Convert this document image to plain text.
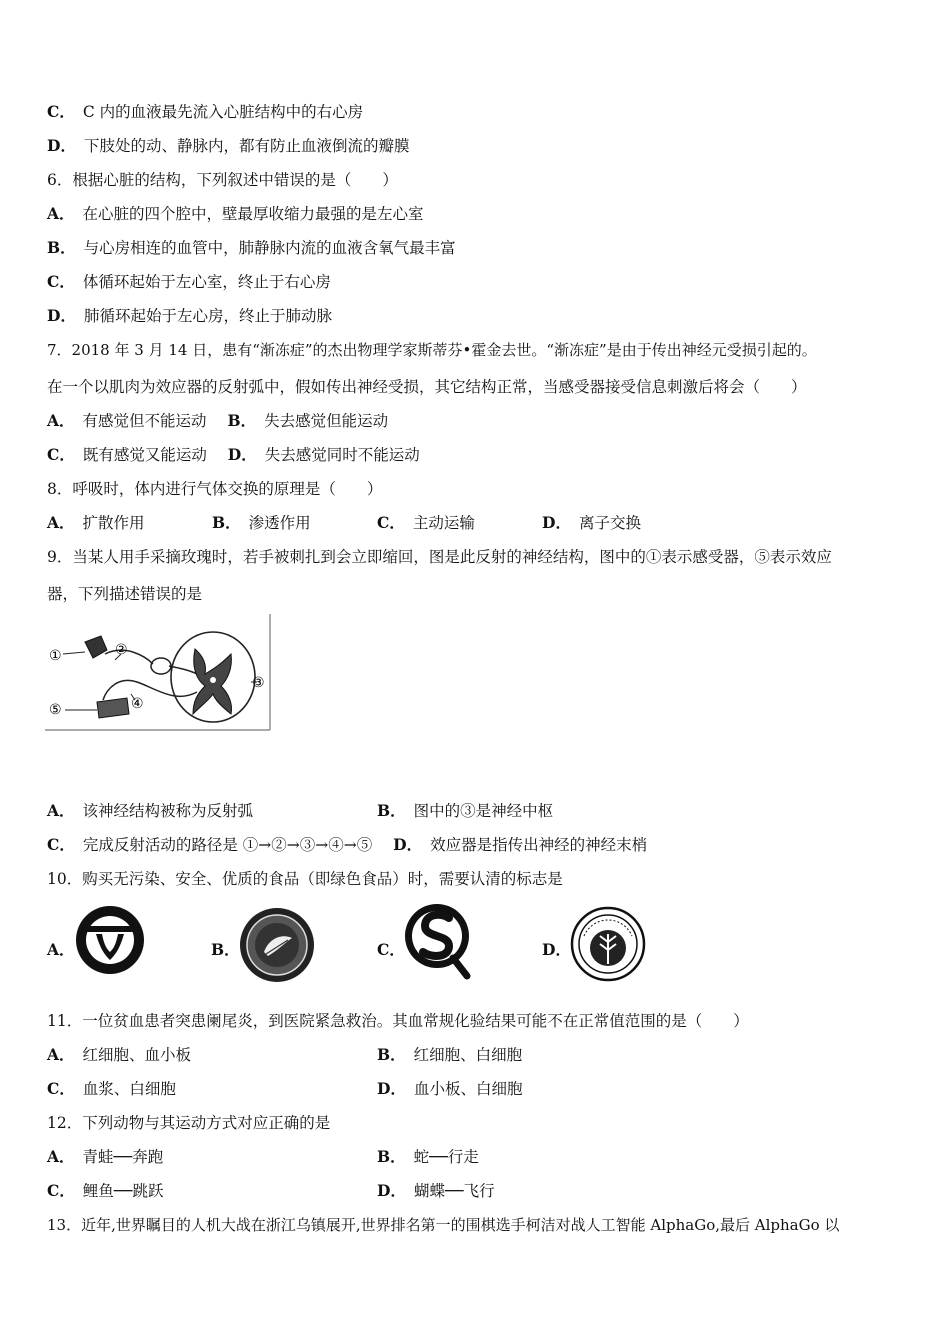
C． C 内的血液最先流入心脏结构中的右心房
D． 下肢处的动、静脉内，都有防止血液倒流的瓣膜
6．根据心脏的结构，下列叙述中错误的是（　　）
A． 在心脏的四个腔中，壁最厚收缩力最强的是左心室
B． 与心房相连的血管中，肺静脉内流的血液含氧气最丰富
C． 体循环起始于左心室，终止于右心房
D． 肺循环起始于左心房，终止于肺动脉
7．2018 年 3 月 14 日，患有“渐冻症”的杰出物理学家斯蒂芬•霍金去世。“渐冻症”是由于传出神经元受损引起的。
在一个以肌肉为效应器的反射弧中，假如传出神经受损，其它结构正常，当感受器接受信息刺激后将会（　　）
A． 有感觉但不能运动 B． 失去感觉但能运动
C． 既有感觉又能运动 D． 失去感觉同时不能运动
8．呼吸时，体内进行气体交换的原理是（　　）
A． 扩散作用	B． 渗透作用	C． 主动运输	D． 离子交换
9．当某人用手采摘玫瑰时，若手被刺扎到会立即缩回，图是此反射的神经结构，图中的①表示感受器，⑤表示效应
器，下列描述错误的是
①	②
③
④
⑤
A． 该神经结构被称为反射弧	B． 图中的③是神经中枢
C． 完成反射活动的路径是 ①→②→③→④→⑤ D． 效应器是指传出神经的神经末梢
10．购买无污染、安全、优质的食品（即绿色食品）时，需要认清的标志是
A．	B．	C．	D．
11．一位贫血患者突患阑尾炎，到医院紧急救治。其血常规化验结果可能不在正常值范围的是（　　）
A． 红细胞、血小板	B． 红细胞、白细胞
C． 血浆、白细胞	D． 血小板、白细胞
12．下列动物与其运动方式对应正确的是
A． 青蛙──奔跑	B． 蛇──行走
C． 鲤鱼──跳跃	D． 蝴蝶──飞行
13．近年,世界瞩目的人机大战在浙江乌镇展开,世界排名第一的围棋选手柯洁对战人工智能 AlphaGo,最后 AlphaGo 以
